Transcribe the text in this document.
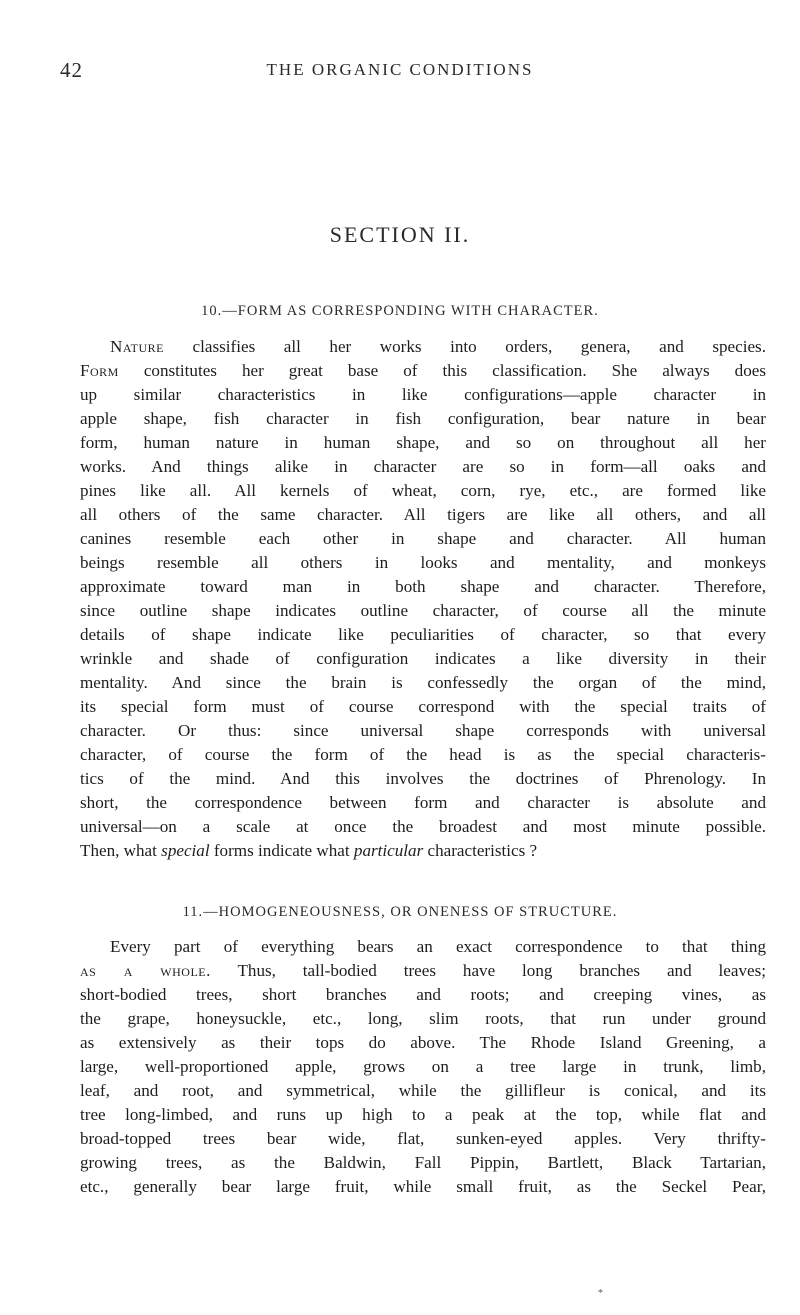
42	THE ORGANIC CONDITIONS
SECTION II.
10.—FORM AS CORRESPONDING WITH CHARACTER.
Nature classifies all her works into orders, genera, and species.
Form constitutes her great base of this classification. She always does
up similar characteristics in like configurations—apple character in
apple shape, fish character in fish configuration, bear nature in bear
form, human nature in human shape, and so on throughout all her
works. And things alike in character are so in form—all oaks and
pines like all. All kernels of wheat, corn, rye, etc., are formed like
all others of the same character. All tigers are like all others, and all
canines resemble each other in shape and character. All human
beings resemble all others in looks and mentality, and monkeys
approximate toward man in both shape and character. Therefore,
since outline shape indicates outline character, of course all the minute
details of shape indicate like peculiarities of character, so that every
wrinkle and shade of configuration indicates a like diversity in their
mentality. And since the brain is confessedly the organ of the mind,
its special form must of course correspond with the special traits of
character. Or thus: since universal shape corresponds with universal
character, of course the form of the head is as the special characteris-
tics of the mind. And this involves the doctrines of Phrenology. In
short, the correspondence between form and character is absolute and
universal—on a scale at once the broadest and most minute possible.
Then, what special forms indicate what particular characteristics ?
11.—HOMOGENEOUSNESS, OR ONENESS OF STRUCTURE.
Every part of everything bears an exact correspondence to that thing
as a whole. Thus, tall-bodied trees have long branches and leaves;
short-bodied trees, short branches and roots; and creeping vines, as
the grape, honeysuckle, etc., long, slim roots, that run under ground
as extensively as their tops do above. The Rhode Island Greening, a
large, well-proportioned apple, grows on a tree large in trunk, limb,
leaf, and root, and symmetrical, while the gillifleur is conical, and its
tree long-limbed, and runs up high to a peak at the top, while flat and
broad-topped trees bear wide, flat, sunken-eyed apples. Very thrifty-
growing trees, as the Baldwin, Fall Pippin, Bartlett, Black Tartarian,
etc., generally bear large fruit, while small fruit, as the Seckel Pear,
*
